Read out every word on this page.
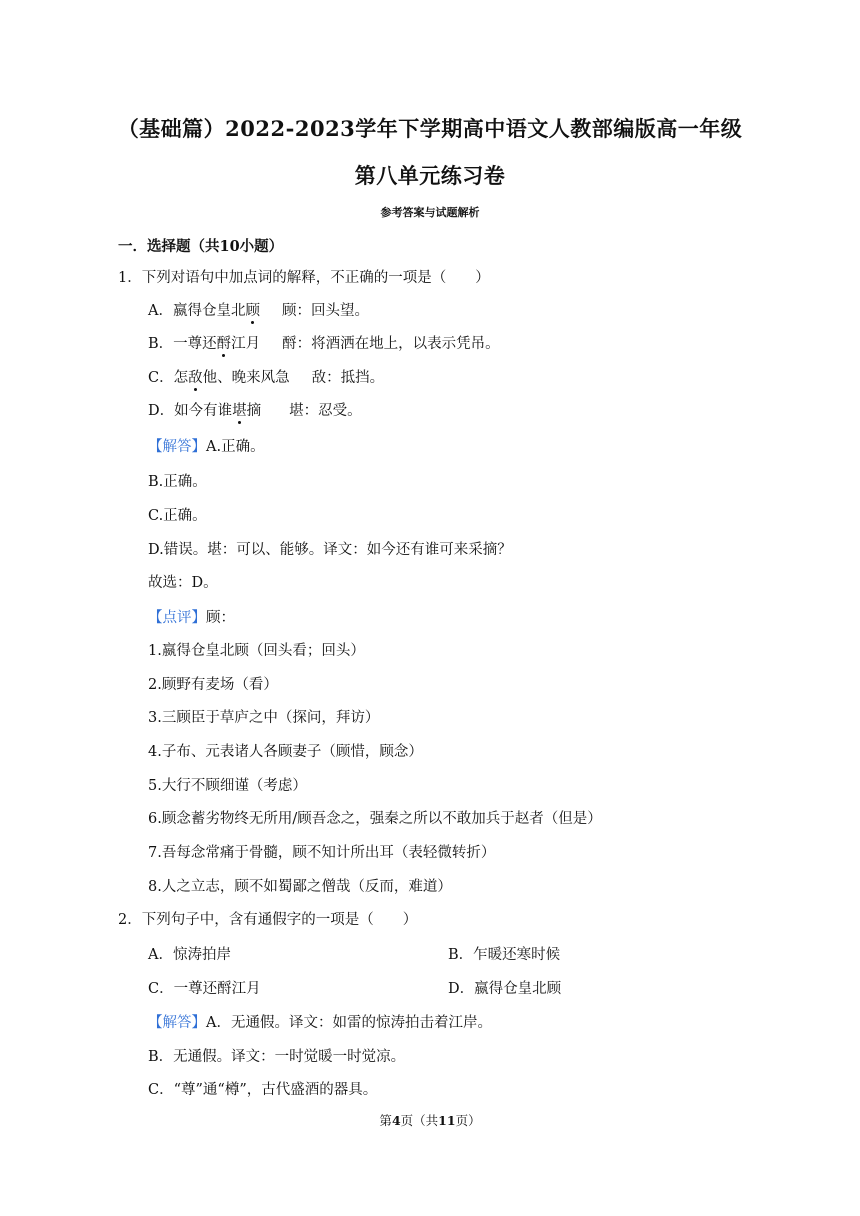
（基础篇）2022-2023学年下学期高中语文人教部编版高一年级
第八单元练习卷
参考答案与试题解析
一．选择题（共10小题）
1．下列对语句中加点词的解释，不正确的一项是（　　）
A．嬴得仓皇北顾 顾：回头望。
B．一尊还酹江月 酹：将酒洒在地上，以表示凭吊。
C．怎敌他、晚来风急 敌：抵挡。
D．如今有谁堪摘 堪：忍受。
【解答】A.正确。
B.正确。
C.正确。
D.错误。堪：可以、能够。译文：如今还有谁可来采摘？
故选：D。
【点评】顾：
1.嬴得仓皇北顾（回头看；回头）
2.顾野有麦场（看）
3.三顾臣于草庐之中（探问，拜访）
4.子布、元表诸人各顾妻子（顾惜，顾念）
5.大行不顾细谨（考虑）
6.顾念蓄劣物终无所用/顾吾念之，强秦之所以不敢加兵于赵者（但是）
7.吾每念常痛于骨髓，顾不知计所出耳（表轻微转折）
8.人之立志，顾不如蜀鄙之僧哉（反而，难道）
2．下列句子中，含有通假字的一项是（　　）
A．惊涛拍岸	B．乍暖还寒时候
C．一尊还酹江月	D．嬴得仓皇北顾
【解答】A．无通假。译文：如雷的惊涛拍击着江岸。
B．无通假。译文：一时觉暖一时觉凉。
C．“尊”通“樽”，古代盛酒的器具。
第4页（共11页）
